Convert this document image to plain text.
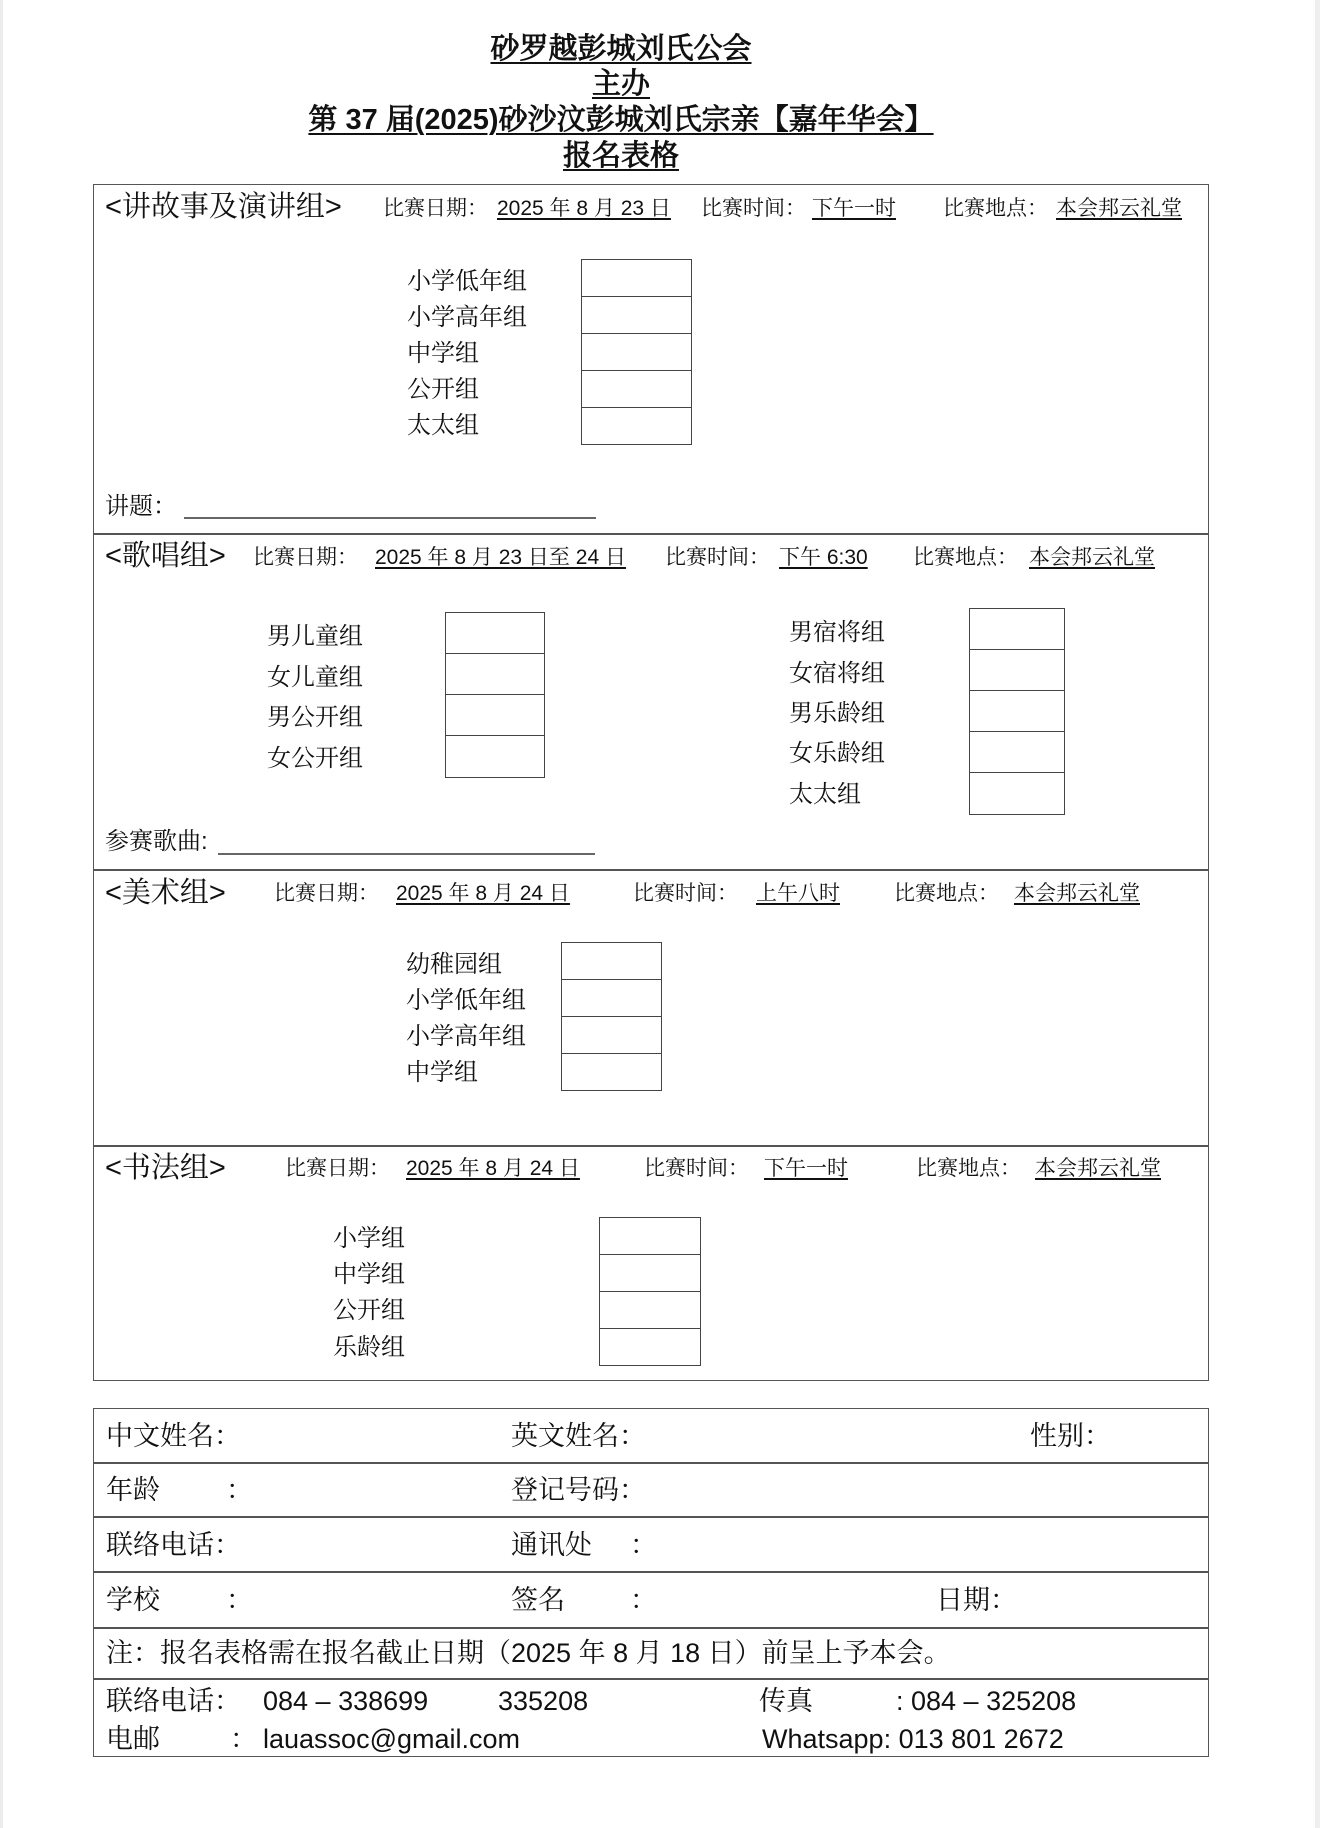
砂罗越彭城刘氏公会
主办
第 37 届(2025)砂沙汶彭城刘氏宗亲【嘉年华会】
报名表格
<讲故事及演讲组> 比赛日期： 2025 年 8 月 23 日 比赛时间： 下午一时	比赛地点： 本会邦云礼堂
小学低年组
小学高年组
中学组
公开组
太太组
讲题：
<歌唱组> 比赛日期： 2025 年 8 月 23 日至 24 日 比赛时间： 下午 6:30 比赛地点： 本会邦云礼堂
男儿童组
女儿童组
男公开组
女公开组
男宿将组
女宿将组
男乐龄组
女乐龄组
太太组
参赛歌曲:
<美术组> 比赛日期： 2025 年 8 月 24 日	比赛时间： 上午八时	比赛地点： 本会邦云礼堂
幼稚园组
小学低年组
小学高年组
中学组
<书法组>	比赛日期： 2025 年 8 月 24 日	比赛时间： 下午一时	比赛地点： 本会邦云礼堂
小学组
中学组
公开组
乐龄组
中文姓名：	英文姓名：	性别：
年龄 ：	登记号码：
联络电话：	通讯处 ：
学校 ：	签名 ：	日期：
注：报名表格需在报名截止日期（2025 年 8 月 18 日）前呈上予本会。
联络电话： 084 – 338699	335208	传真	: 084 – 325208
电邮	： lauassoc@gmail.com	Whatsapp: 013 801 2672
